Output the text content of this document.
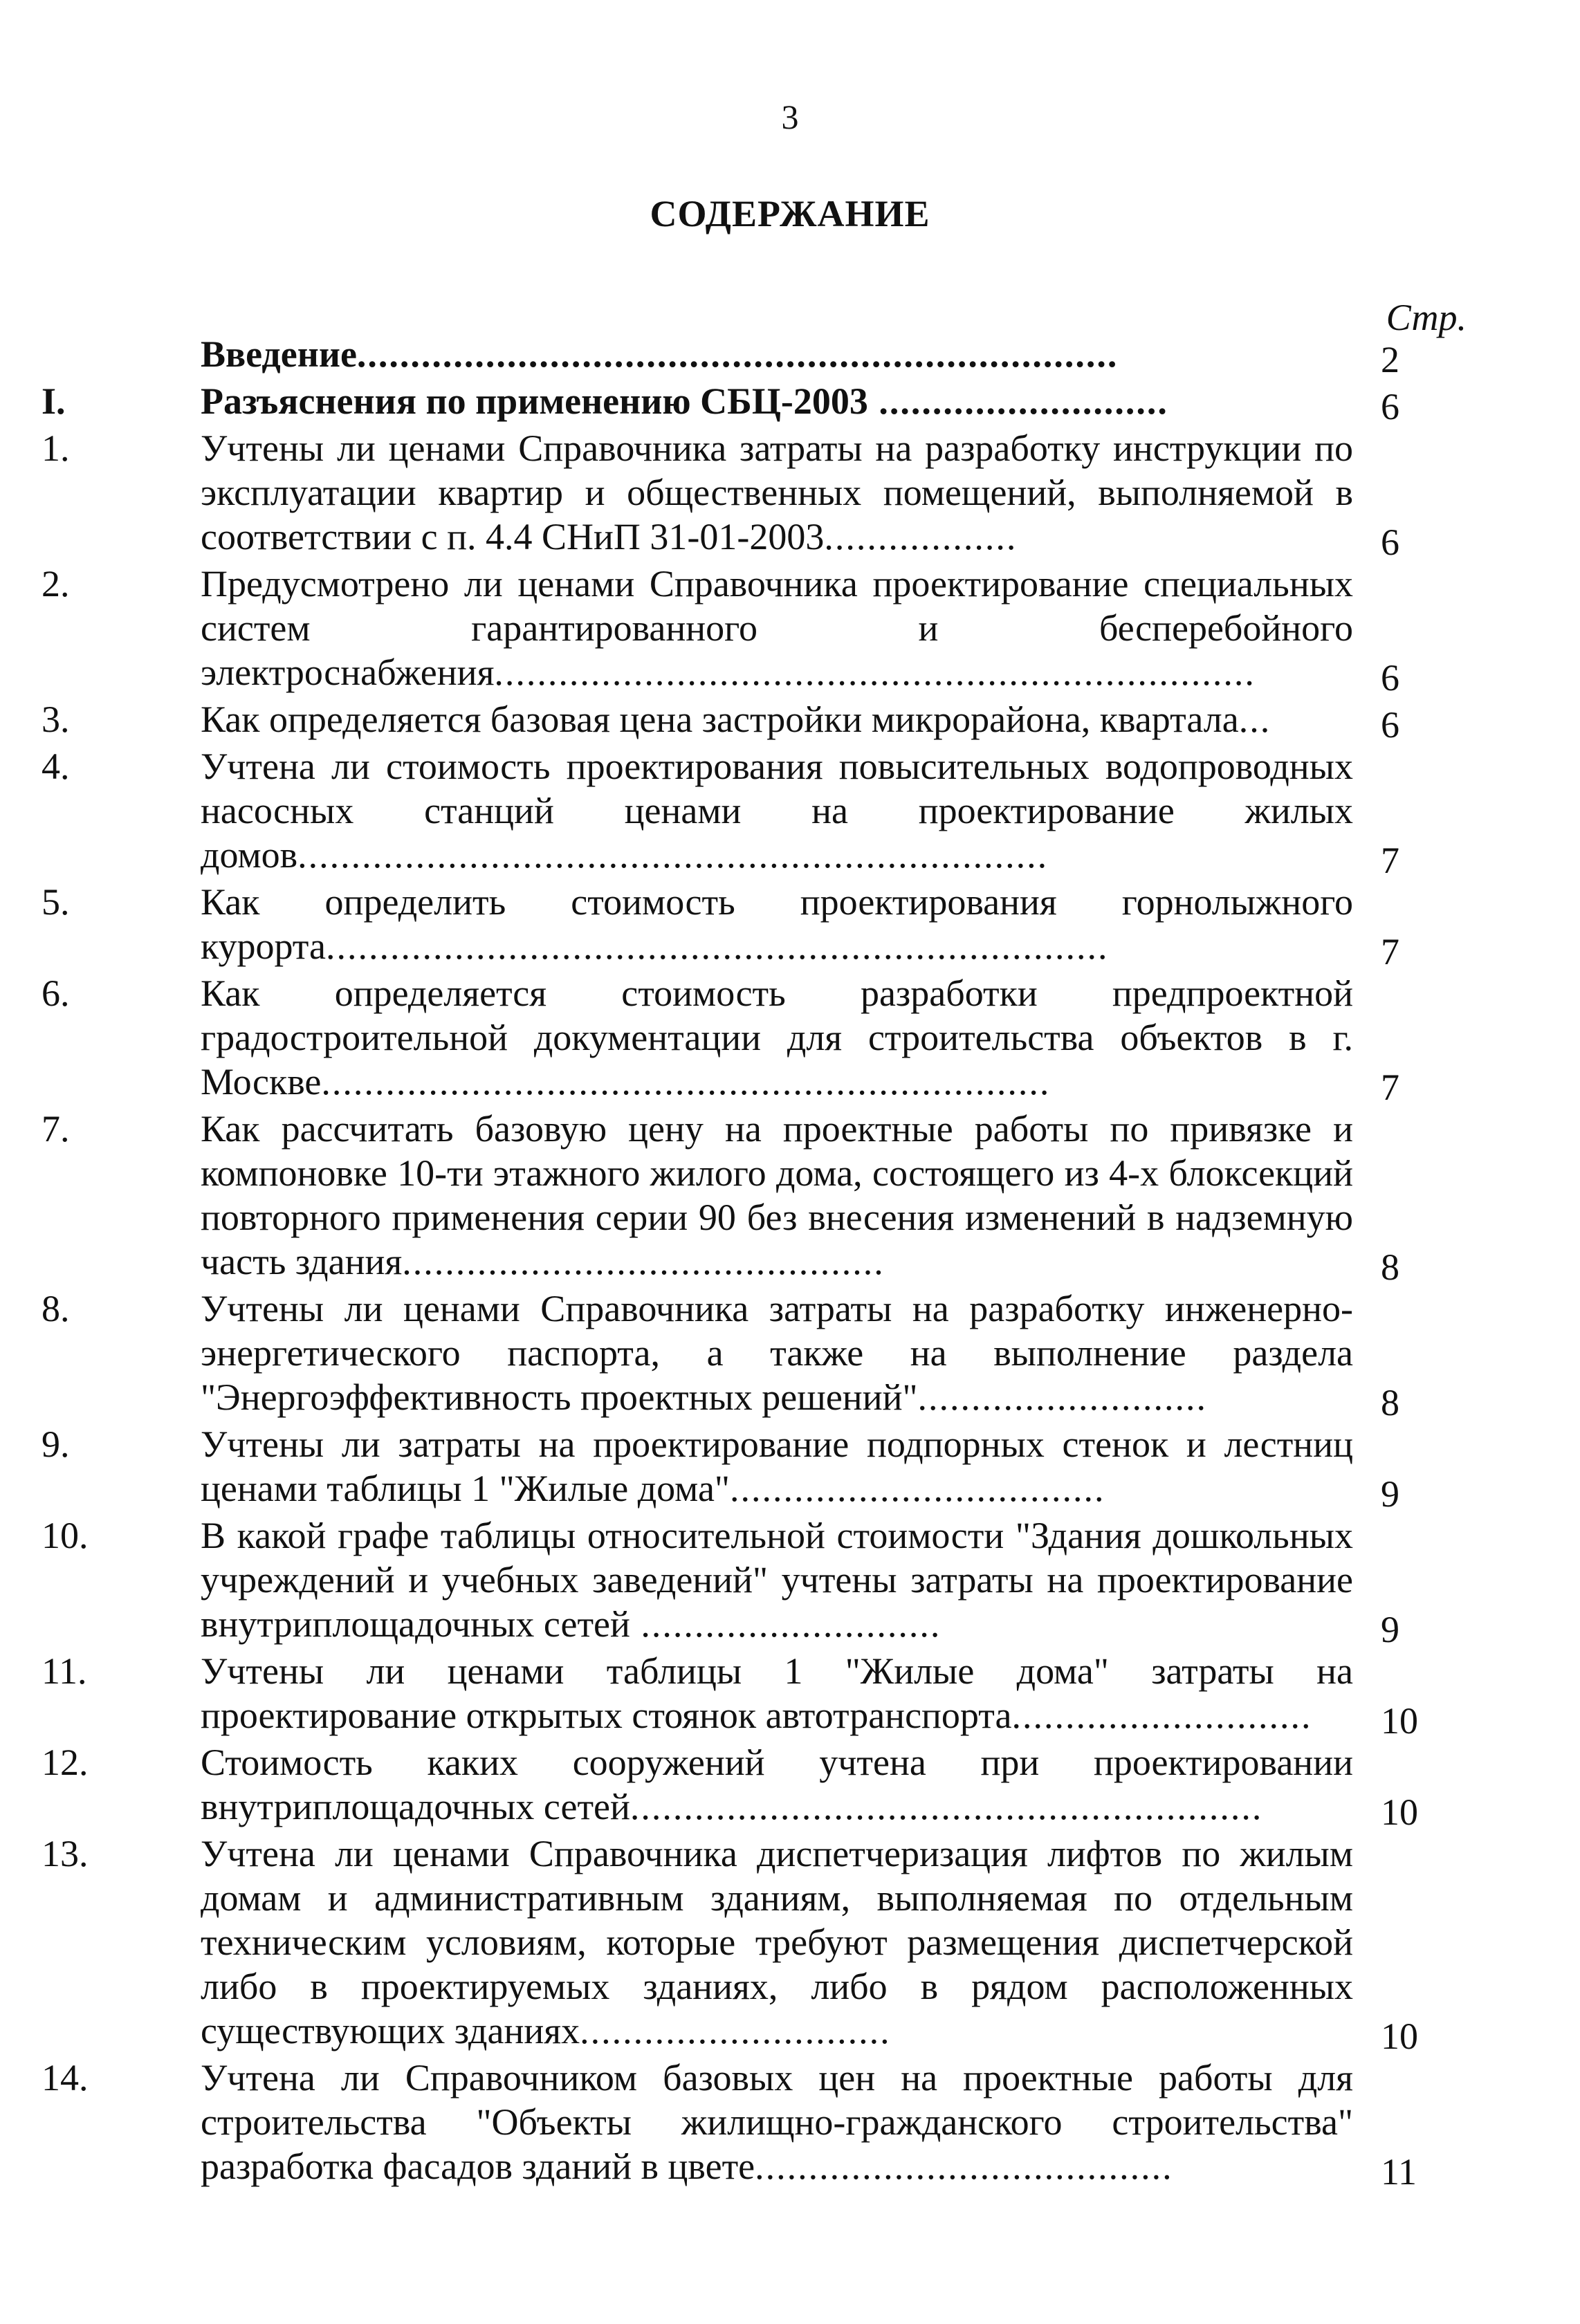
3
СОДЕРЖАНИЕ
Стр.
Введение.......................................................................	2
I.	Разъяснения по применению СБЦ-2003 ...........................	6
1.	Учтены ли ценами Справочника затраты на разработку инструкции по эксплуатации квартир и общественных помещений, выполняемой в соответствии с п. 4.4 СНиП 31-01-2003..................	6
2.	Предусмотрено ли ценами Справочника проектирование специальных систем гарантированного и бесперебойного электроснабжения.......................................................................	6
3.	Как определяется базовая цена застройки микрорайона, квартала...	6
4.	Учтена ли стоимость проектирования повысительных водопроводных насосных станций ценами на проектирование жилых домов......................................................................	7
5.	Как определить стоимость проектирования горнолыжного курорта.........................................................................	7
6.	Как определяется стоимость разработки предпроектной градостроительной документации для строительства объектов в г. Москве....................................................................	7
7.	Как рассчитать базовую цену на проектные работы по привязке и компоновке 10-ти этажного жилого дома, состоящего из 4-х блоксекций повторного применения серии 90 без внесения изменений в надземную часть здания.............................................	8
8.	Учтены ли ценами Справочника затраты на разработку инженерно-энергетического паспорта, а также на выполнение раздела "Энергоэффективность проектных решений"...........................	8
9.	Учтены ли затраты на проектирование подпорных стенок и лестниц ценами таблицы 1 "Жилые дома"...................................	9
10.	В какой графе таблицы относительной стоимости "Здания дошкольных учреждений и учебных заведений" учтены затраты на проектирование внутриплощадочных сетей ............................	9
11.	Учтены ли ценами таблицы 1 "Жилые дома" затраты на проектирование открытых стоянок автотранспорта............................ 10
12.	Стоимость каких сооружений учтена при проектировании внутриплощадочных сетей...........................................................	10
13.	Учтена ли ценами Справочника диспетчеризация лифтов по жилым домам и административным зданиям, выполняемая по отдельным техническим условиям, которые требуют размещения диспетчерской либо в проектируемых зданиях, либо в рядом расположенных существующих зданиях.............................	10
14.	Учтена ли Справочником базовых цен на проектные работы для строительства "Объекты жилищно-гражданского строительства" разработка фасадов зданий в цвете.......................................	11
